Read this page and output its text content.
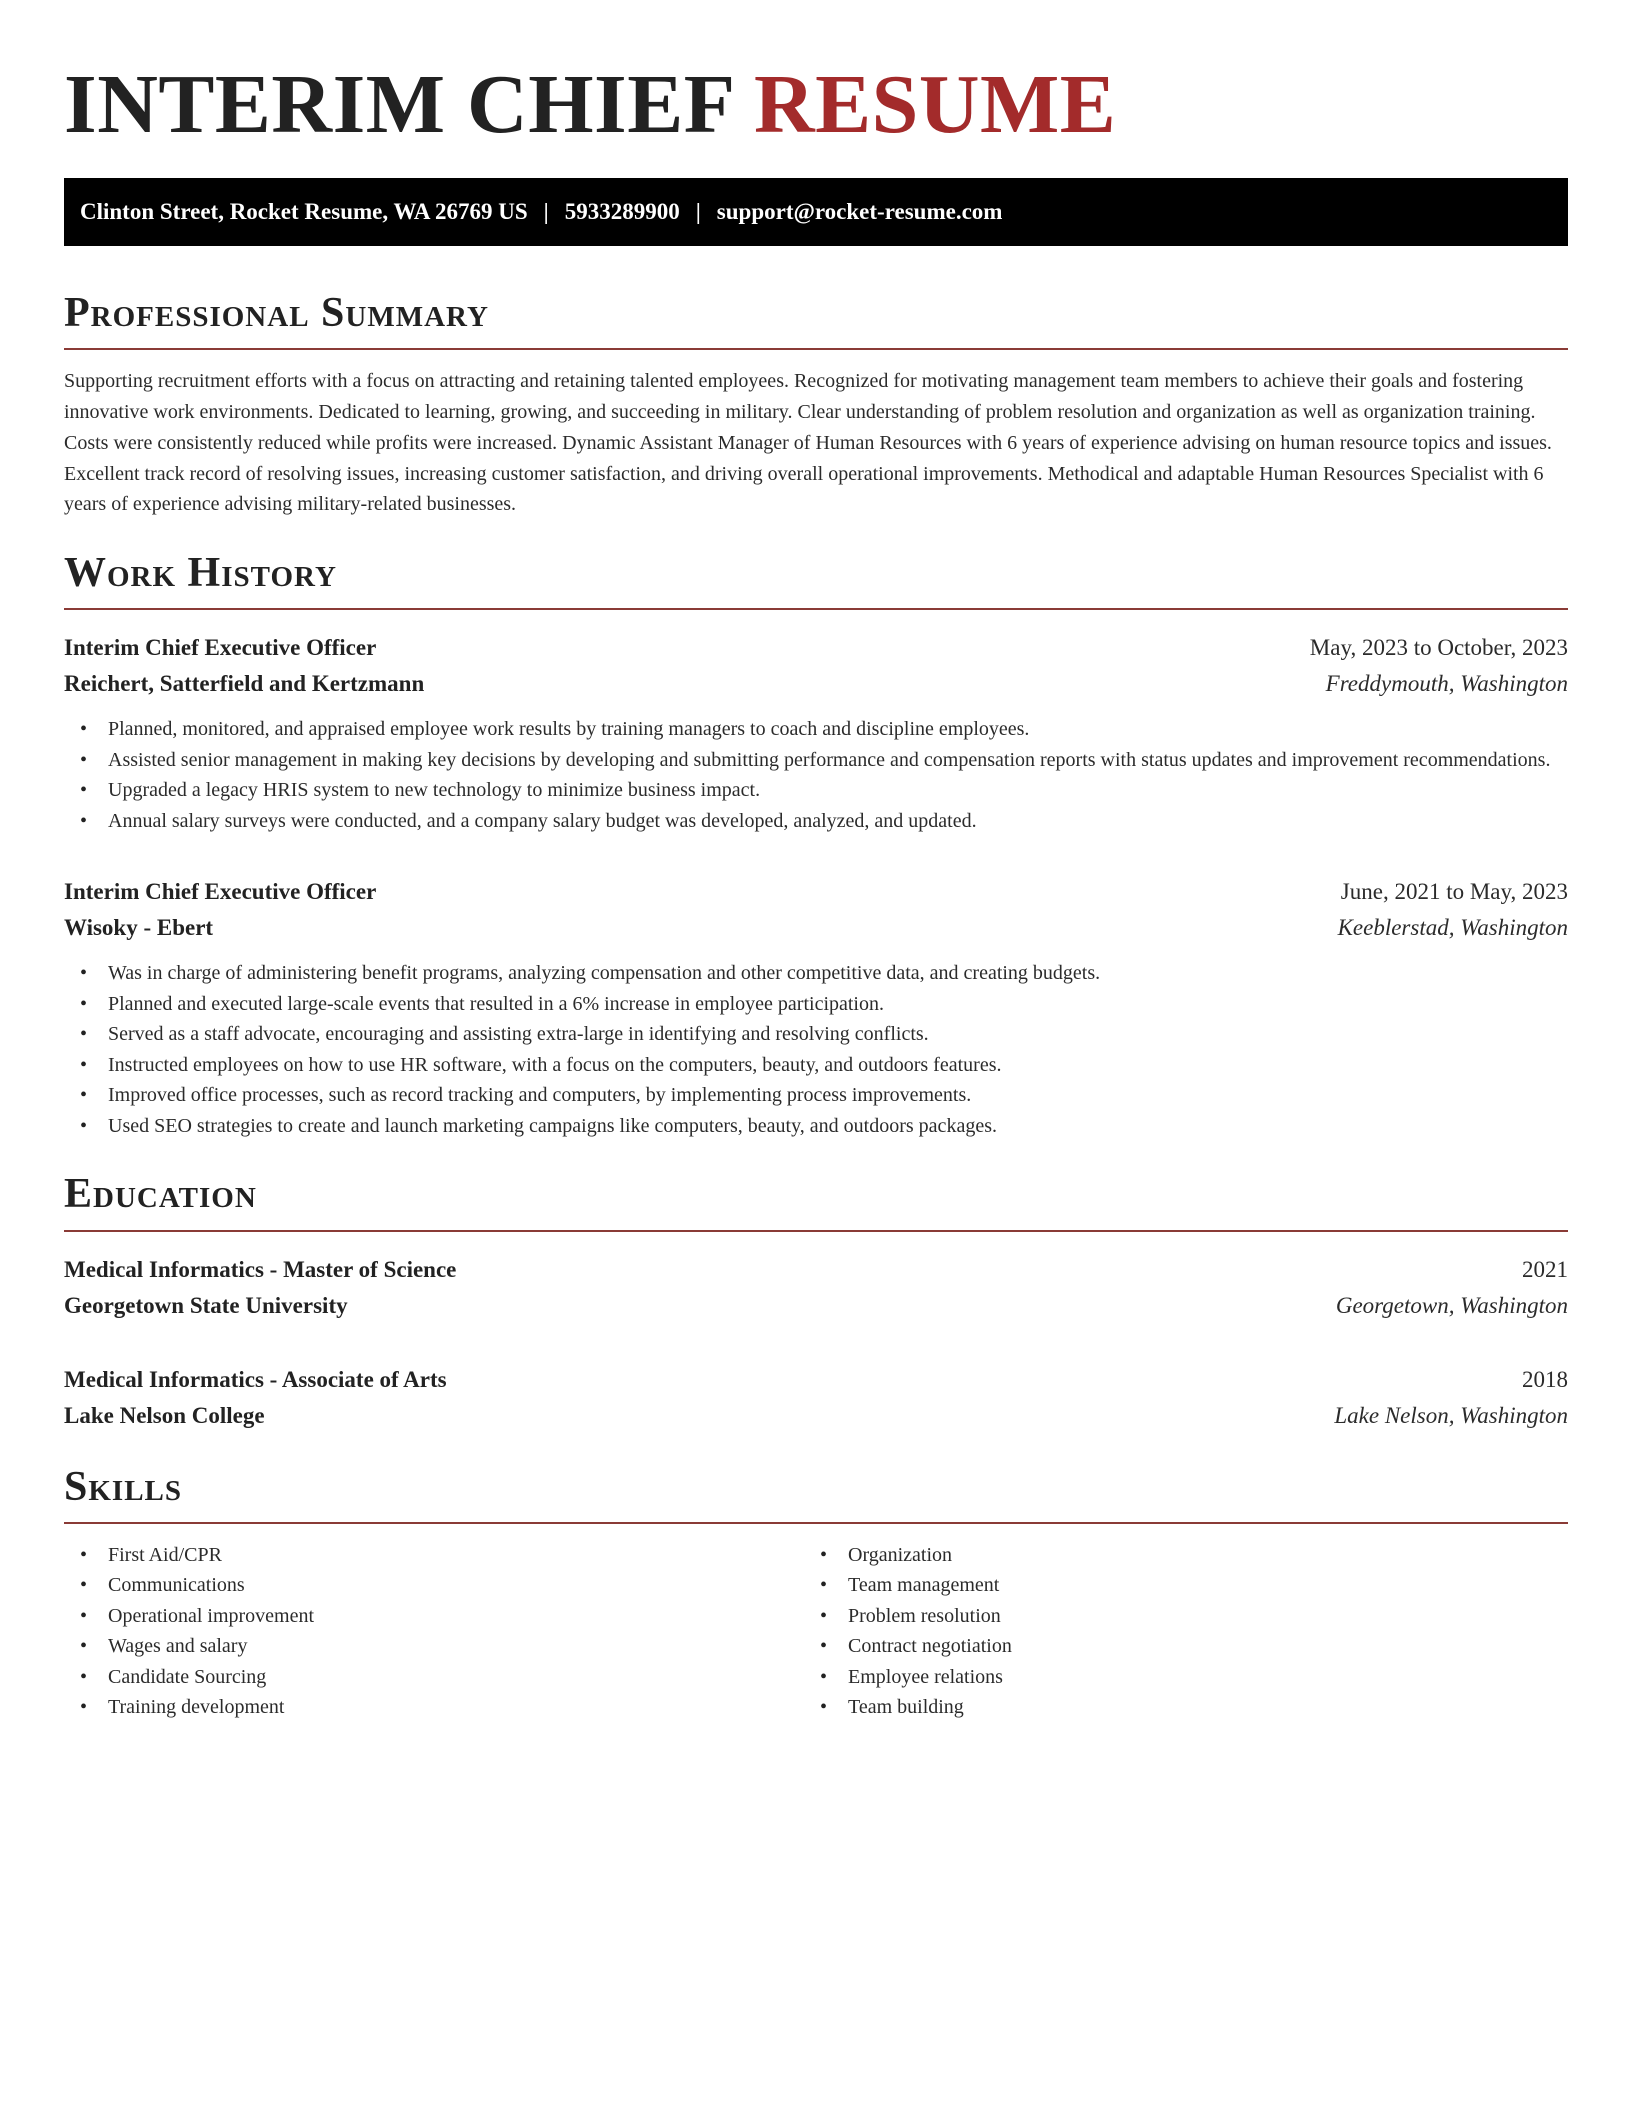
INTERIM CHIEF RESUME
Clinton Street, Rocket Resume, WA 26769 US | 5933289900 | support@rocket-resume.com
Professional Summary

Supporting recruitment efforts with a focus on attracting and retaining talented employees. Recognized for motivating management team members to achieve their goals and fostering innovative work environments. Dedicated to learning, growing, and succeeding in military. Clear understanding of problem resolution and organization as well as organization training. Costs were consistently reduced while profits were increased. Dynamic Assistant Manager of Human Resources with 6 years of experience advising on human resource topics and issues. Excellent track record of resolving issues, increasing customer satisfaction, and driving overall operational improvements. Methodical and adaptable Human Resources Specialist with 6 years of experience advising military-related businesses.

Work History
Interim Chief Executive Officer	May, 2023 to October, 2023
Reichert, Satterfield and Kertzmann	Freddymouth, Washington
• Planned, monitored, and appraised employee work results by training managers to coach and discipline employees.
• Assisted senior management in making key decisions by developing and submitting performance and compensation reports with status updates and improvement recommendations.
• Upgraded a legacy HRIS system to new technology to minimize business impact.
• Annual salary surveys were conducted, and a company salary budget was developed, analyzed, and updated.
Interim Chief Executive Officer	June, 2021 to May, 2023
Wisoky - Ebert	Keeblerstad, Washington
• Was in charge of administering benefit programs, analyzing compensation and other competitive data, and creating budgets.
• Planned and executed large-scale events that resulted in a 6% increase in employee participation.
• Served as a staff advocate, encouraging and assisting extra-large in identifying and resolving conflicts.
• Instructed employees on how to use HR software, with a focus on the computers, beauty, and outdoors features.
• Improved office processes, such as record tracking and computers, by implementing process improvements.
• Used SEO strategies to create and launch marketing campaigns like computers, beauty, and outdoors packages.
Education
Medical Informatics - Master of Science	2021
Georgetown State University	Georgetown, Washington
Medical Informatics - Associate of Arts	2018
Lake Nelson College	Lake Nelson, Washington
Skills
• First Aid/CPR
• Communications
• Operational improvement
• Wages and salary
• Candidate Sourcing
• Training development
• Organization
• Team management
• Problem resolution
• Contract negotiation
• Employee relations
• Team building
